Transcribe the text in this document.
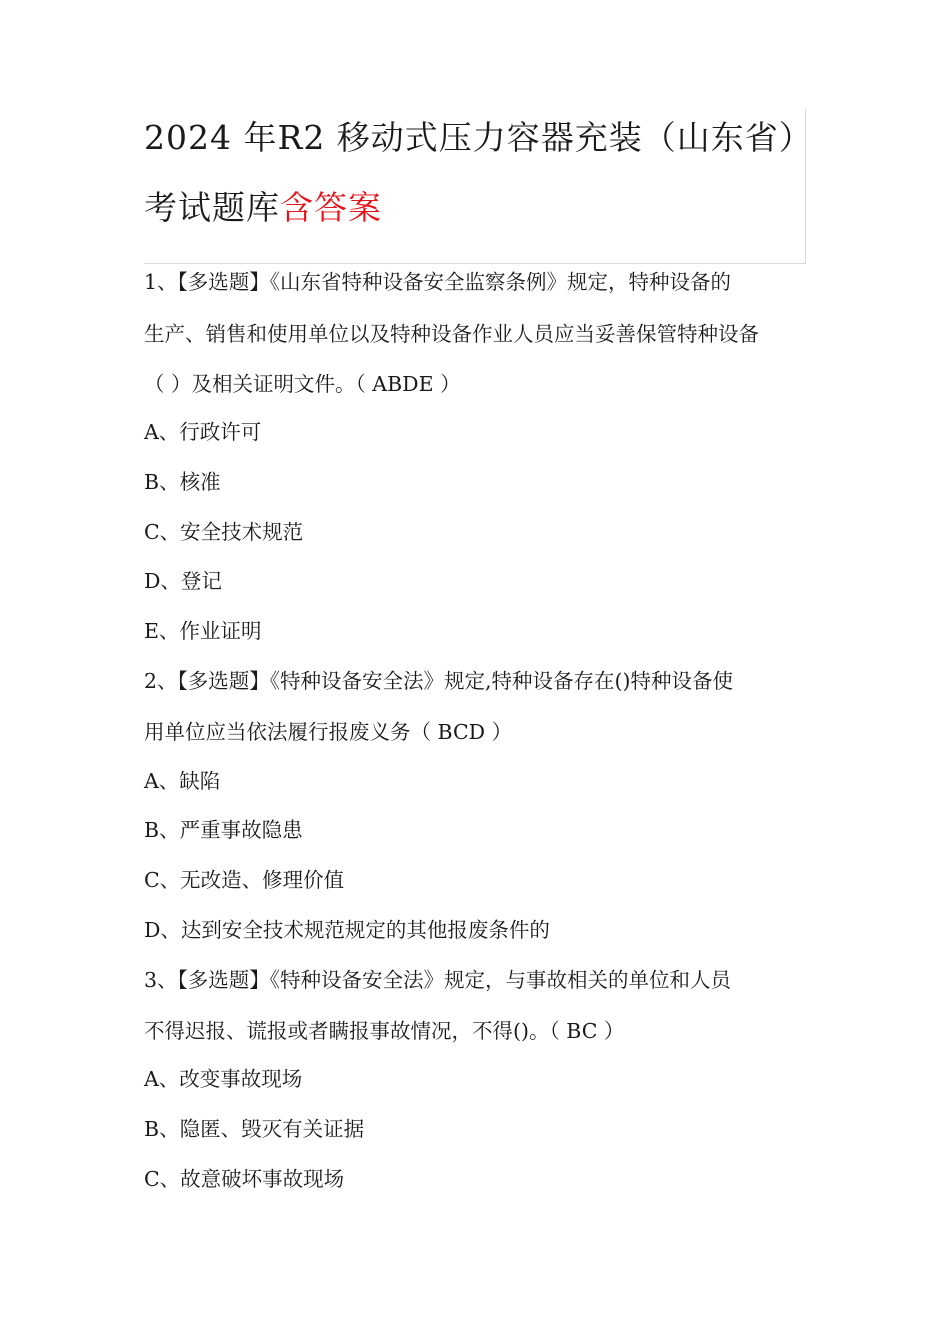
2024 年R2 移动式压力容器充装（山东省）
考试题库含答案
1、【多选题】《山东省特种设备安全监察条例》规定，特种设备的
生产、销售和使用单位以及特种设备作业人员应当妥善保管特种设备
（ ）及相关证明文件。（ ABDE ）
A、行政许可
B、核准
C、安全技术规范
D、登记
E、作业证明
2、【多选题】《特种设备安全法》规定,特种设备存在()特种设备使
用单位应当依法履行报废义务（ BCD ）
A、缺陷
B、严重事故隐患
C、无改造、修理价值
D、达到安全技术规范规定的其他报废条件的
3、【多选题】《特种设备安全法》规定，与事故相关的单位和人员
不得迟报、谎报或者瞒报事故情况，不得()。（ BC ）
A、改变事故现场
B、隐匿、毁灭有关证据
C、故意破坏事故现场
